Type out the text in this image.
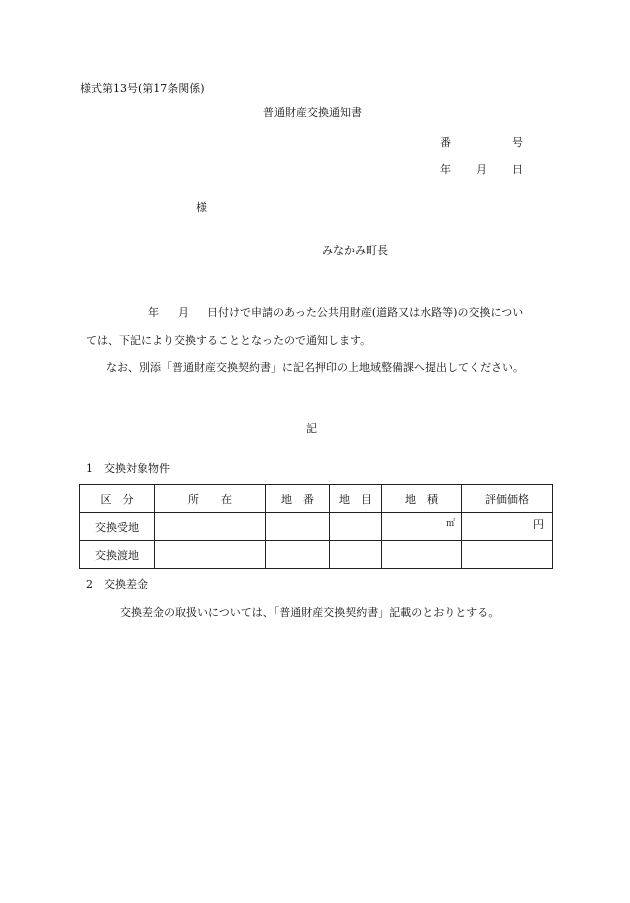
様式第13号(第17条関係)
普通財産交換通知書
番	号
年 月 日
様
みなかみ町長
年 月 日付けで申請のあった公共用財産(道路又は水路等)の交換につい
ては、下記により交換することとなったので通知します。
なお、別添「普通財産交換契約書」に記名押印の上地域整備課へ提出してください。
記
1  交換対象物件
区　分	所　　在	地　番	地　目	地　積	評価価格
交換受地				㎡	円
交換渡地					
2  交換差金
交換差金の取扱いについては、「普通財産交換契約書」記載のとおりとする。
